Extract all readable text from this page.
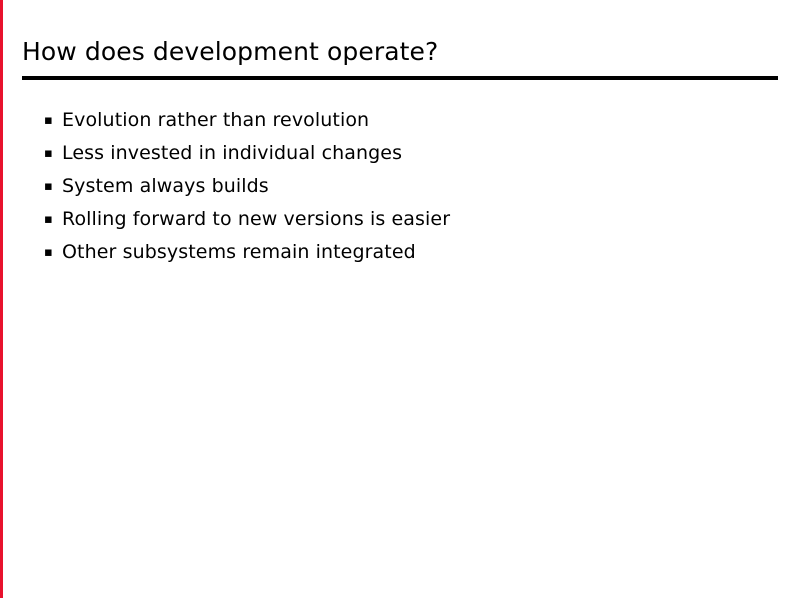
How does development operate?
▪ Evolution rather than revolution
▪ Less invested in individual changes
▪ System always builds
▪ Rolling forward to new versions is easier
▪ Other subsystems remain integrated
